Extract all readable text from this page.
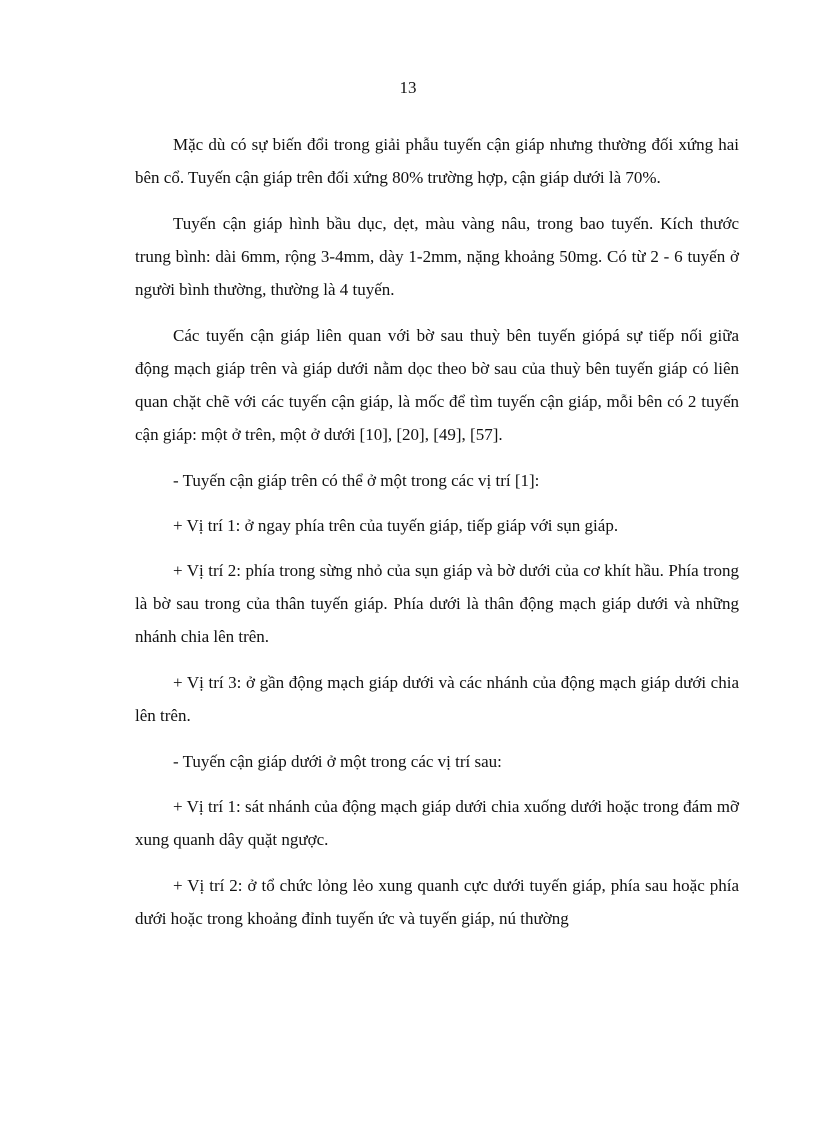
13

Mặc dù có sự biến đổi trong giải phẫu tuyến cận giáp nhưng thường đối xứng hai bên cổ. Tuyến cận giáp trên đối xứng 80% trường hợp, cận giáp dưới là 70%.

Tuyến cận giáp hình bầu dục, dẹt, màu vàng nâu, trong bao tuyến. Kích thước trung bình: dài 6mm, rộng 3-4mm, dày 1-2mm, nặng khoảng 50mg. Có từ 2 - 6 tuyến ở người bình thường, thường là 4 tuyến.

Các tuyến cận giáp liên quan với bờ sau thuỳ bên tuyến giópá sự tiếp nối giữa động mạch giáp trên và giáp dưới nằm dọc theo bờ sau của thuỳ bên tuyến giáp có liên quan chặt chẽ với các tuyến cận giáp, là mốc để tìm tuyến cận giáp, mỗi bên có 2 tuyến cận giáp: một ở trên, một ở dưới [10], [20], [49], [57].

- Tuyến cận giáp trên có thể ở một trong các vị trí [1]:

+ Vị trí 1: ở ngay phía trên của tuyến giáp, tiếp giáp với sụn giáp.

+ Vị trí 2: phía trong sừng nhỏ của sụn giáp và bờ dưới của cơ khít hầu. Phía trong là bờ sau trong của thân tuyến giáp. Phía dưới là thân động mạch giáp dưới và những nhánh chia lên trên.

+ Vị trí 3: ở gần động mạch giáp dưới và các nhánh của động mạch giáp dưới chia lên trên.

- Tuyến cận giáp dưới ở một trong các vị trí sau:

+ Vị trí 1: sát nhánh của động mạch giáp dưới chia xuống dưới hoặc trong đám mỡ xung quanh dây quặt ngược.

+ Vị trí 2: ở tổ chức lỏng lẻo xung quanh cực dưới tuyến giáp, phía sau hoặc phía dưới hoặc trong khoảng đỉnh tuyến ức và tuyến giáp, nú thường
